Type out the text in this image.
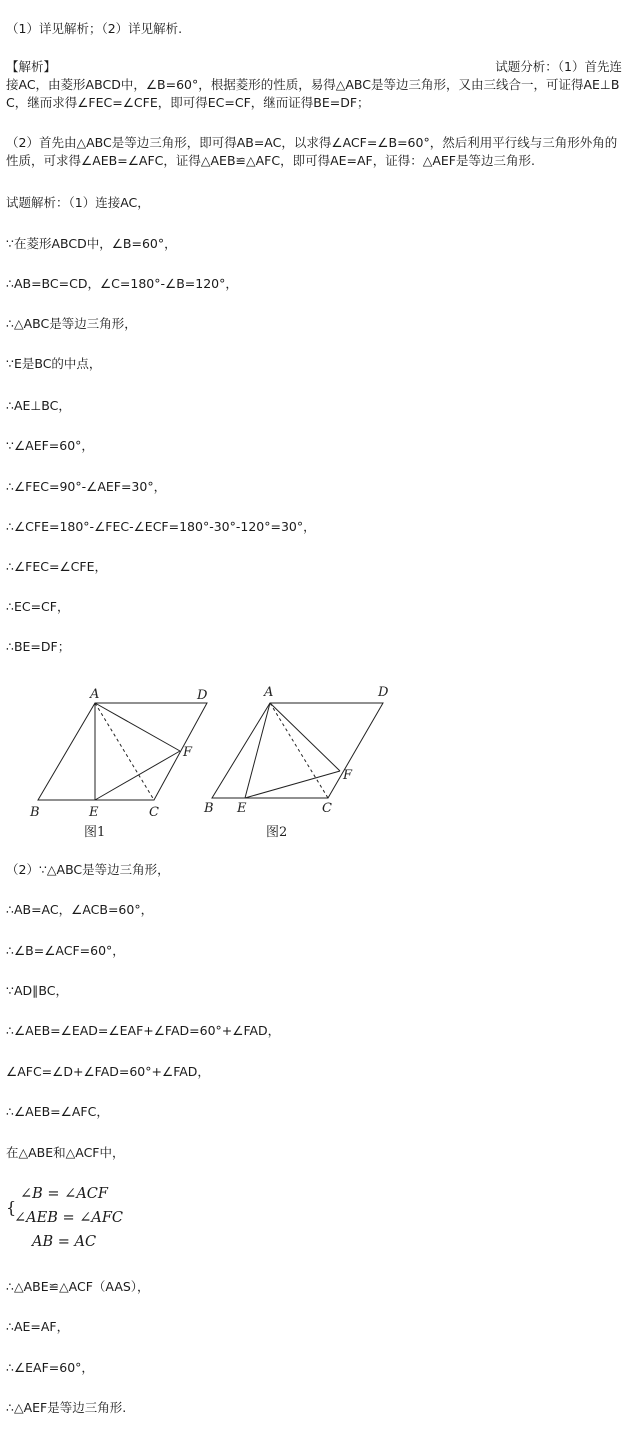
（1）详见解析；（2）详见解析.
【解析】	试题分析：（1）首先连
接AC，由菱形ABCD中，∠B=60°，根据菱形的性质，易得△ABC是等边三角形，又由三线合一，可证得AE⊥BC，继而求得∠FEC=∠CFE，即可得EC=CF，继而证得BE=DF；
（2）首先由△ABC是等边三角形，即可得AB=AC，以求得∠ACF=∠B=60°，然后利用平行线与三角形外角的性质，可求得∠AEB=∠AFC，证得△AEB≌△AFC，即可得AE=AF，证得：△AEF是等边三角形.
试题解析：（1）连接AC，
∵在菱形ABCD中，∠B=60°，
∴AB=BC=CD，∠C=180°-∠B=120°，
∴△ABC是等边三角形，
∵E是BC的中点，
∴AE⊥BC，
∵∠AEF=60°，
∴∠FEC=90°-∠AEF=30°，
∴∠CFE=180°-∠FEC-∠ECF=180°-30°-120°=30°，
∴∠FEC=∠CFE，
∴EC=CF，
∴BE=DF；
A	D
F
B	E	C
A	D
F
B E	C
图1	图2
（2）∵△ABC是等边三角形，
∴AB=AC，∠ACB=60°，
∴∠B=∠ACF=60°，
∵AD∥BC，
∴∠AEB=∠EAD=∠EAF+∠FAD=60°+∠FAD，
∠AFC=∠D+∠FAD=60°+∠FAD，
∴∠AEB=∠AFC，
在△ABE和△ACF中，
{
∠B = ∠ACF
∠AEB = ∠AFC
AB = AC
∴△ABE≌△ACF（AAS），
∴AE=AF，
∴∠EAF=60°，
∴△AEF是等边三角形.
